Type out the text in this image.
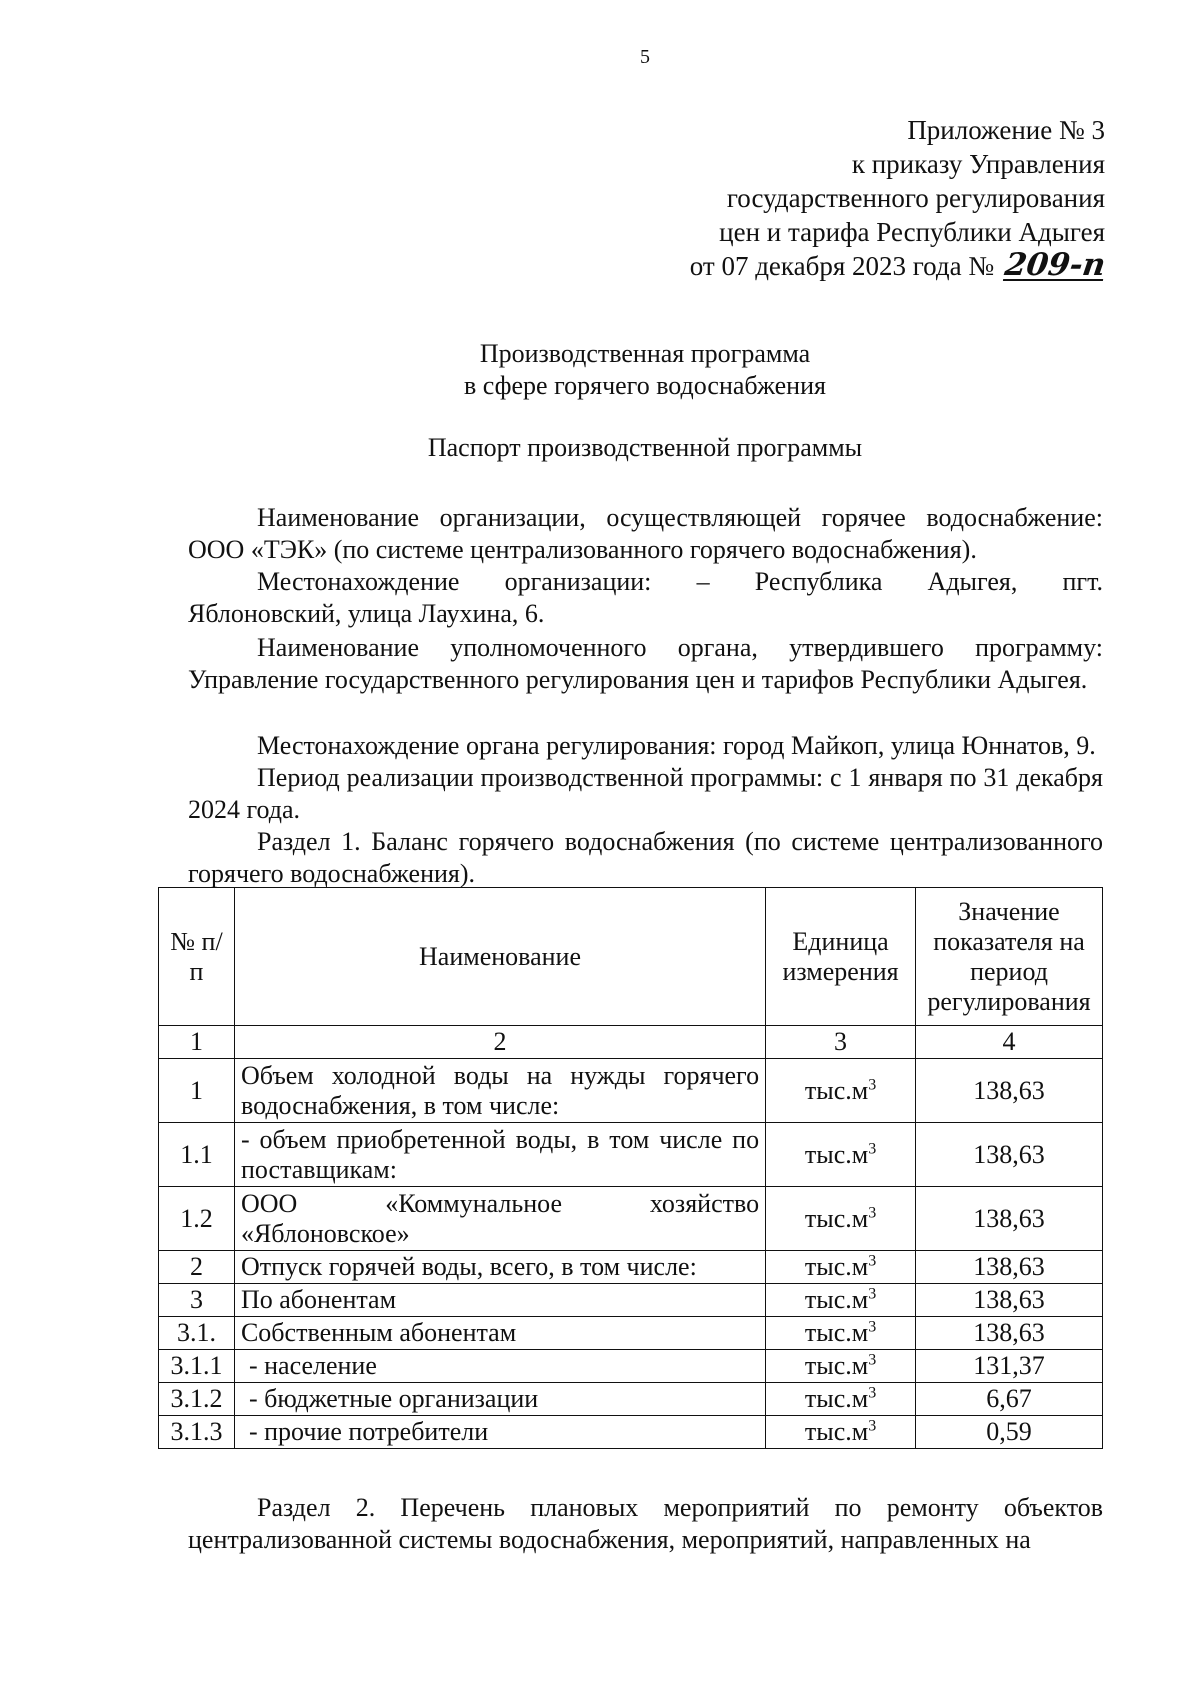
5
Приложение № 3
к приказу Управления
государственного регулирования
цен и тарифа Республики Адыгея
от 07 декабря 2023 года № 209-п
Производственная программа
в сфере горячего водоснабжения
Паспорт производственной программы
Наименование организации, осуществляющей горячее водоснабжение: ООО «ТЭК» (по системе централизованного горячего водоснабжения).
Местонахождение организации: – Республика Адыгея, пгт.
Яблоновский, улица Лаухина, 6.
Наименование уполномоченного органа, утвердившего программу: Управление государственного регулирования цен и тарифов Республики Адыгея.
Местонахождение органа регулирования: город Майкоп, улица Юннатов, 9.
Период реализации производственной программы: с 1 января по 31 декабря 2024 года.
Раздел 1. Баланс горячего водоснабжения (по системе централизованного горячего водоснабжения).
№ п/п	Наименование	Единица измерения	Значение показателя на период регулирования
1	2	3	4
1	Объем холодной воды на нужды горячего водоснабжения, в том числе:	$тыс.м^3$	138,63
1.1	- объем приобретенной воды, в том числе по поставщикам:	$тыс.м^3$	138,63
1.2	ООО «Коммунальное хозяйство «Яблоновское»	$тыс.м^3$	138,63
2	Отпуск горячей воды, всего, в том числе:	$тыс.м^3$	138,63
3	По абонентам	$тыс.м^3$	138,63
3.1.	Собственным абонентам	$тыс.м^3$	138,63
3.1.1	- население	$тыс.м^3$	131,37
3.1.2	- бюджетные организации	$тыс.м^3$	6,67
3.1.3	- прочие потребители	$тыс.м^3$	0,59
Раздел 2. Перечень плановых мероприятий по ремонту объектов централизованной системы водоснабжения, мероприятий, направленных на
